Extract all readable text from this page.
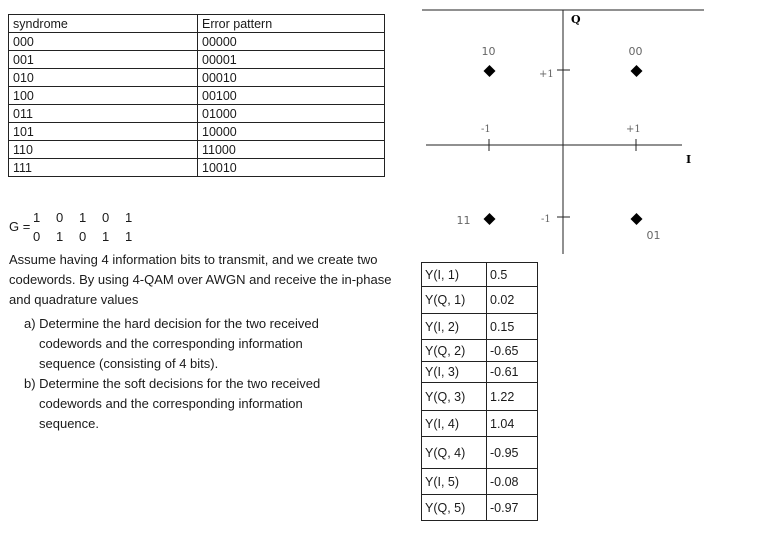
syndrome	Error pattern
000	00000
001	00001
010	00010
100	00100
011	01000
101	10000
110	11000
111	10010
G =
1 0 1 0 1
0 1 0 1 1

Assume having 4 information bits to transmit, and we create two codewords. By using 4-QAM over AWGN and receive the in-phase and quadrature values

a) Determine the hard decision for the two received
codewords and the corresponding information
sequence (consisting of 4 bits).

b) Determine the soft decisions for the two received
codewords and the corresponding information
sequence.

Y(I, 1)	0.5
Y(Q, 1)	0.02
Y(I, 2)	0.15
Y(Q, 2)	-0.65
Y(I, 3)	-0.61
Y(Q, 3)	1.22
Y(I, 4)	1.04
Y(Q, 4)	-0.95
Y(I, 5)	-0.08
Y(Q, 5)	-0.97
Q
I
+1
-1
-1	+1
10	00
11
01
